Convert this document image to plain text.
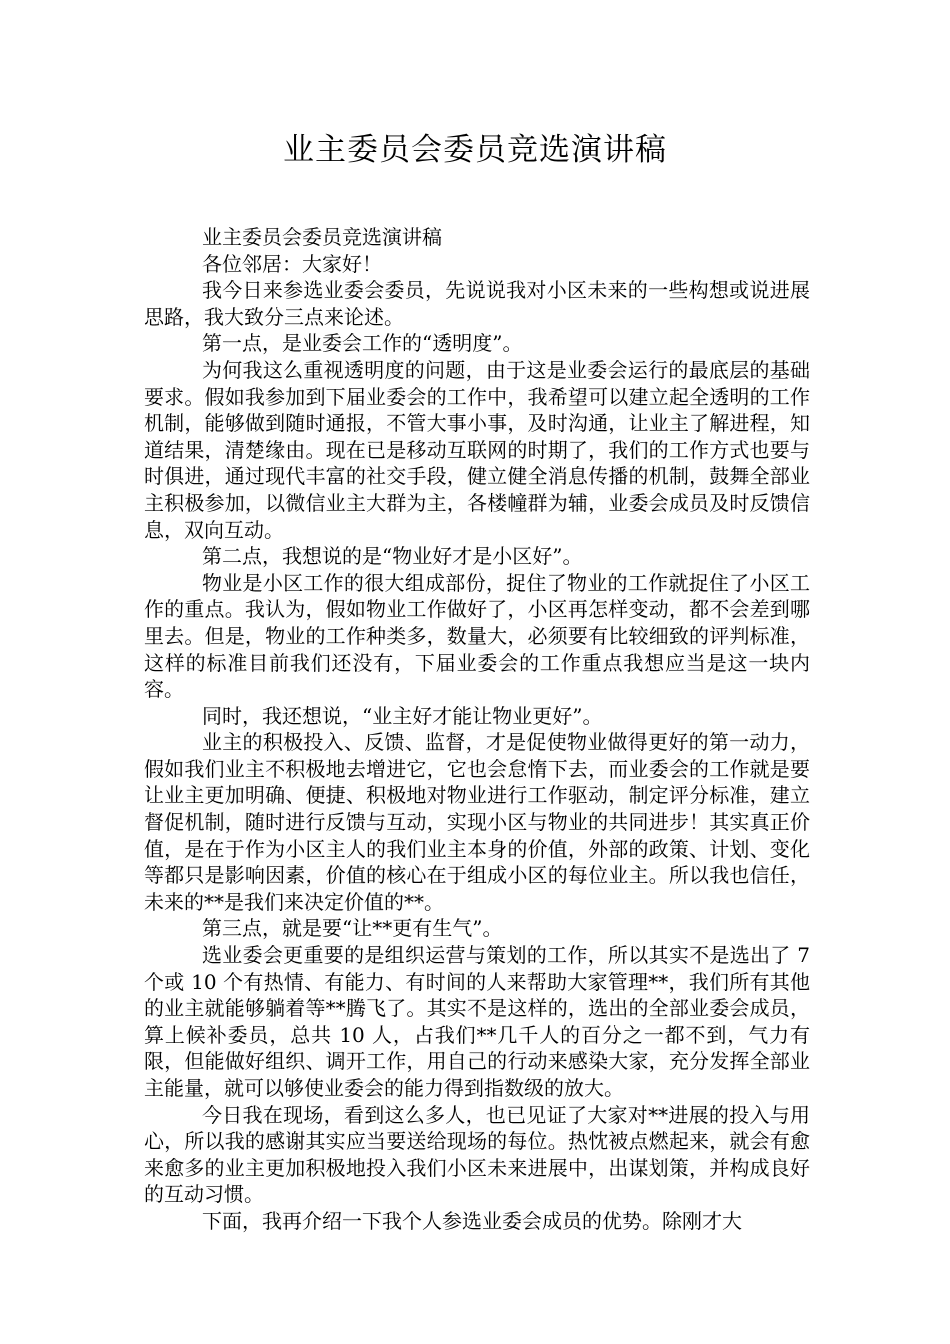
业主委员会委员竞选演讲稿

业主委员会委员竞选演讲稿

各位邻居：大家好！

我今日来参选业委会委员，先说说我对小区未来的一些构想或说进展思路，我大致分三点来论述。

第一点，是业委会工作的“透明度”。

为何我这么重视透明度的问题，由于这是业委会运行的最底层的基础要求。假如我参加到下届业委会的工作中，我希望可以建立起全透明的工作机制，能够做到随时通报，不管大事小事，及时沟通，让业主了解进程，知道结果，清楚缘由。现在已是移动互联网的时期了，我们的工作方式也要与时俱进，通过现代丰富的社交手段，健立健全消息传播的机制，鼓舞全部业主积极参加，以微信业主大群为主，各楼幢群为辅，业委会成员及时反馈信息，双向互动。

第二点，我想说的是“物业好才是小区好”。

物业是小区工作的很大组成部份，捉住了物业的工作就捉住了小区工作的重点。我认为，假如物业工作做好了，小区再怎样变动，都不会差到哪里去。但是，物业的工作种类多，数量大，必须要有比较细致的评判标准，这样的标准目前我们还没有，下届业委会的工作重点我想应当是这一块内容。

同时，我还想说，“业主好才能让物业更好”。

业主的积极投入、反馈、监督，才是促使物业做得更好的第一动力，假如我们业主不积极地去增进它，它也会怠惰下去，而业委会的工作就是要让业主更加明确、便捷、积极地对物业进行工作驱动，制定评分标准，建立督促机制，随时进行反馈与互动，实现小区与物业的共同进步！其实真正价值，是在于作为小区主人的我们业主本身的价值，外部的政策、计划、变化等都只是影响因素，价值的核心在于组成小区的每位业主。所以我也信任，未来的**是我们来决定价值的**。

第三点，就是要“让**更有生气”。

选业委会更重要的是组织运营与策划的工作，所以其实不是选出了 7 个或 10 个有热情、有能力、有时间的人来帮助大家管理**，我们所有其他的业主就能够躺着等**腾飞了。其实不是这样的，选出的全部业委会成员，算上候补委员，总共 10 人，占我们**几千人的百分之一都不到，气力有限，但能做好组织、调开工作，用自己的行动来感染大家，充分发挥全部业主能量，就可以够使业委会的能力得到指数级的放大。

今日我在现场，看到这么多人，也已见证了大家对**进展的投入与用心，所以我的感谢其实应当要送给现场的每位。热忱被点燃起来，就会有愈来愈多的业主更加积极地投入我们小区未来进展中，出谋划策，并构成良好的互动习惯。

下面，我再介绍一下我个人参选业委会成员的优势。除刚才大
